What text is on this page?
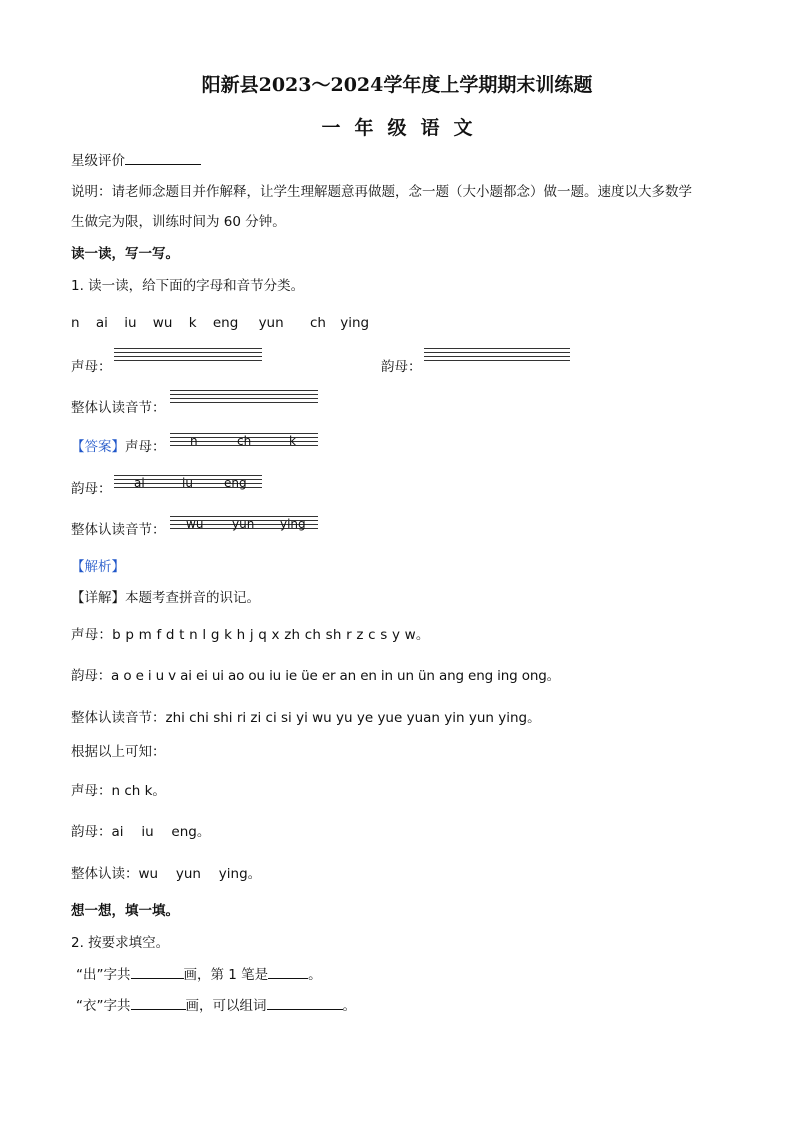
阳新县2023～2024学年度上学期期末训练题
一年级语文
星级评价
说明：请老师念题目并作解释，让学生理解题意再做题，念一题（大小题都念）做一题。速度以大多数学
生做完为限，训练时间为 60 分钟。
读一读，写一写。
1. 读一读，给下面的字母和音节分类。
n ai iu wu k eng yun ch ying
声母：	韵母：
整体认读音节：
【答案】声母： n	ch	k
韵母： ai	iu	eng
整体认读音节： wu yun ying
【解析】
【详解】本题考查拼音的识记。
声母：b p m f d t n l g k h j q x zh ch sh r z c s y w。
韵母：a o e i u v ai ei ui ao ou iu ie üe er an en in un ün ang eng ing ong。
整体认读音节：zhi chi shi ri zi ci si yi wu yu ye yue yuan yin yun ying。
根据以上可知：
声母：n ch k。
韵母：ai　 iu　 eng。
整体认读：wu　 yun　 ying。
想一想，填一填。
2. 按要求填空。
“出”字共	画，第 1 笔是	。
“衣”字共	画，可以组词	。
